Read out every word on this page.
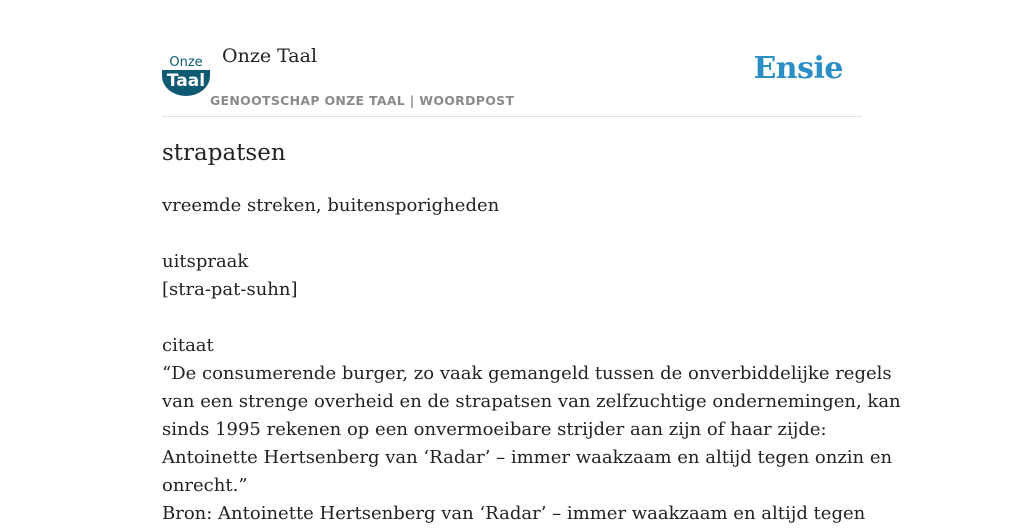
Onze
Taal
Onze Taal
GENOOTSCHAP ONZE TAAL | WOORDPOST
Ensie
strapatsen

vreemde streken, buitensporigheden

uitspraak
[stra-pat-suhn]

citaat
“De consumerende burger, zo vaak gemangeld tussen de onverbiddelijke regels
van een strenge overheid en de strapatsen van zelfzuchtige ondernemingen, kan
sinds 1995 rekenen op een onvermoeibare strijder aan zijn of haar zijde:
Antoinette Hertsenberg van ‘Radar’ – immer waakzaam en altijd tegen onzin en
onrecht.”
Bron: Antoinette Hertsenberg van ‘Radar’ – immer waakzaam en altijd tegen
